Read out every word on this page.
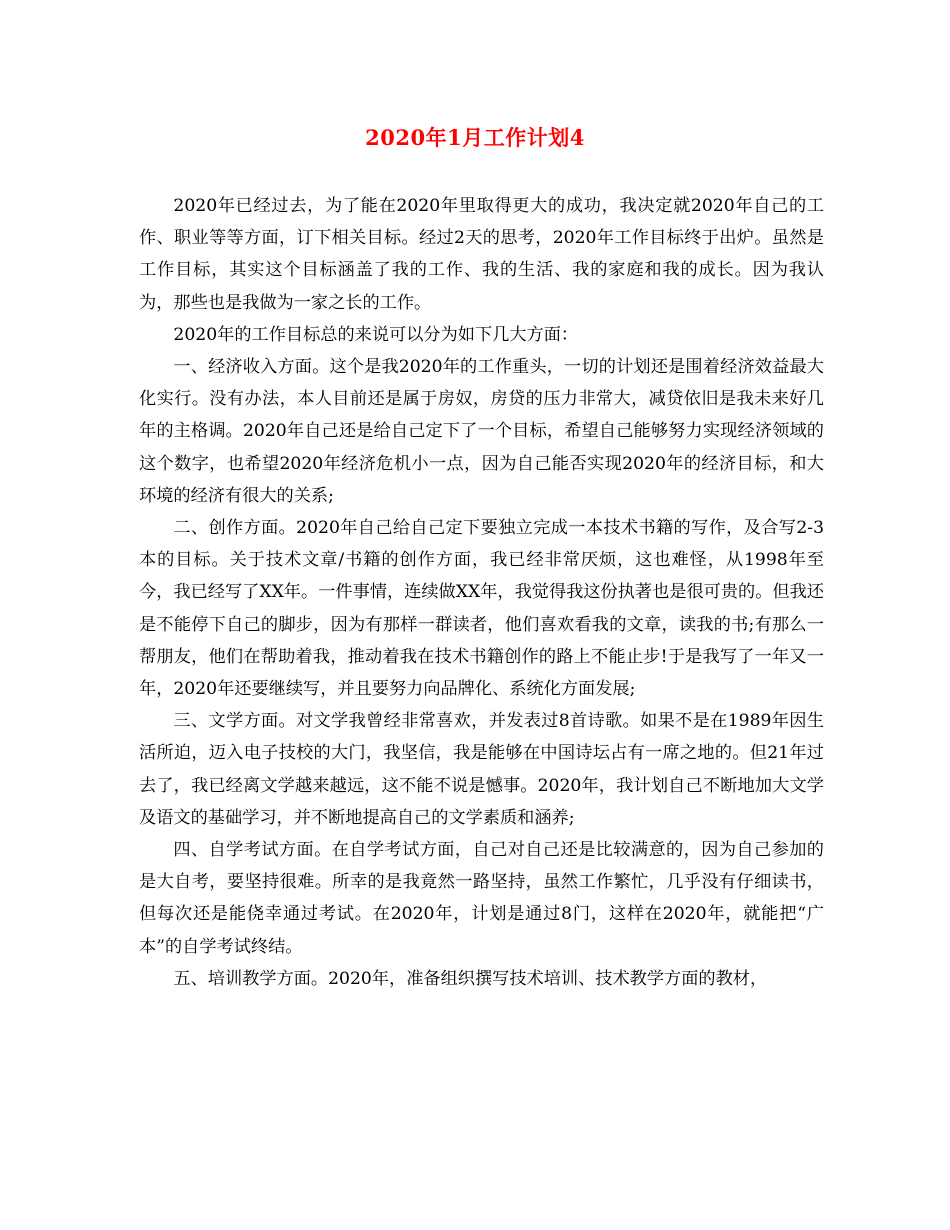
2020年1月工作计划4

2020年已经过去，为了能在2020年里取得更大的成功，我决定就2020年自己的工作、职业等等方面，订下相关目标。经过2天的思考，2020年工作目标终于出炉。虽然是工作目标，其实这个目标涵盖了我的工作、我的生活、我的家庭和我的成长。因为我认为，那些也是我做为一家之长的工作。

2020年的工作目标总的来说可以分为如下几大方面：

一、经济收入方面。这个是我2020年的工作重头，一切的计划还是围着经济效益最大化实行。没有办法，本人目前还是属于房奴，房贷的压力非常大，减贷依旧是我未来好几年的主格调。2020年自己还是给自己定下了一个目标，希望自己能够努力实现经济领域的这个数字，也希望2020年经济危机小一点，因为自己能否实现2020年的经济目标，和大环境的经济有很大的关系;

二、创作方面。2020年自己给自己定下要独立完成一本技术书籍的写作，及合写2-3本的目标。关于技术文章/书籍的创作方面，我已经非常厌烦，这也难怪，从1998年至今，我已经写了XX年。一件事情，连续做XX年，我觉得我这份执著也是很可贵的。但我还是不能停下自己的脚步，因为有那样一群读者，他们喜欢看我的文章，读我的书;有那么一帮朋友，他们在帮助着我，推动着我在技术书籍创作的路上不能止步!于是我写了一年又一年，2020年还要继续写，并且要努力向品牌化、系统化方面发展;

三、文学方面。对文学我曾经非常喜欢，并发表过8首诗歌。如果不是在1989年因生活所迫，迈入电子技校的大门，我坚信，我是能够在中国诗坛占有一席之地的。但21年过去了，我已经离文学越来越远，这不能不说是憾事。2020年，我计划自己不断地加大文学及语文的基础学习，并不断地提高自己的文学素质和涵养;

四、自学考试方面。在自学考试方面，自己对自己还是比较满意的，因为自己参加的是大自考，要坚持很难。所幸的是我竟然一路坚持，虽然工作繁忙，几乎没有仔细读书，但每次还是能侥幸通过考试。在2020年，计划是通过8门，这样在2020年，就能把“广本”的自学考试终结。

五、培训教学方面。2020年，准备组织撰写技术培训、技术教学方面的教材，
